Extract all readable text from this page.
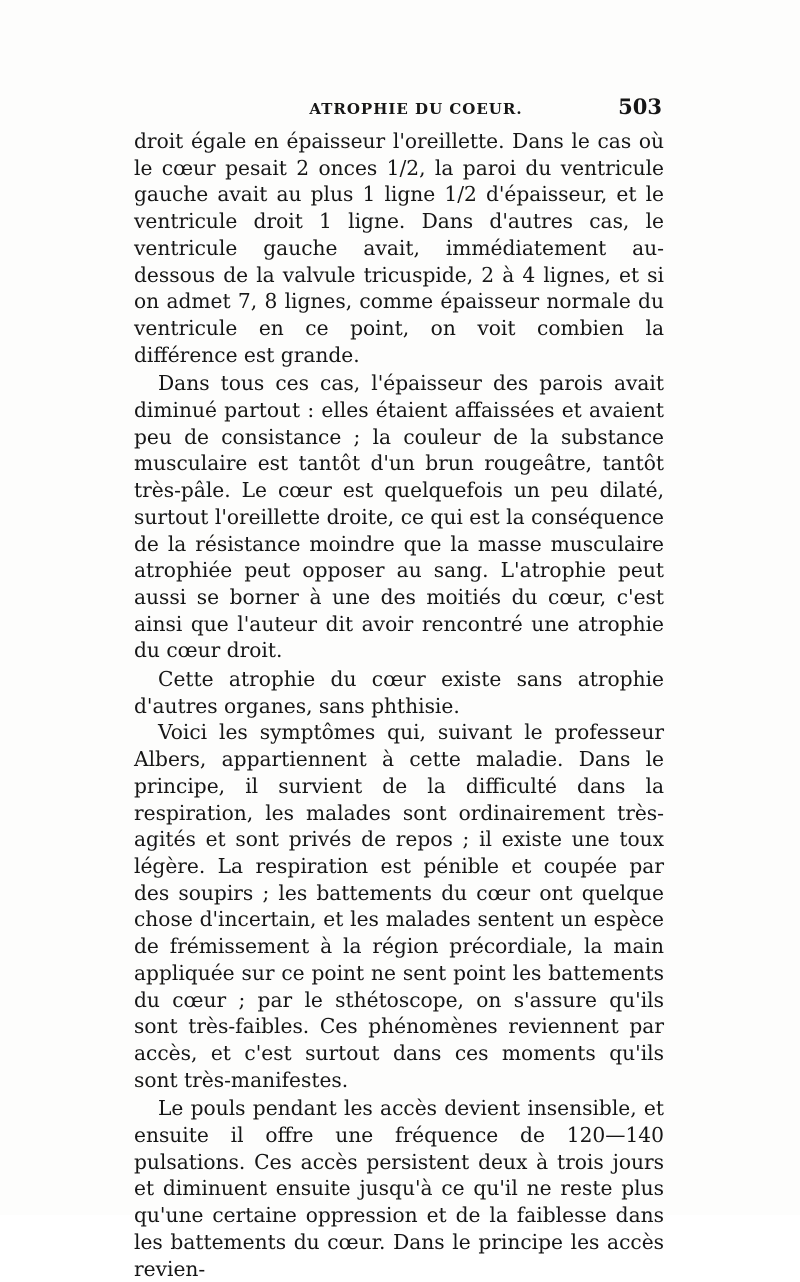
ATROPHIE DU COEUR.	503

droit égale en épaisseur l'oreillette. Dans le cas où le cœur pesait 2 onces 1/2, la paroi du ventricule gauche avait au plus 1 ligne 1/2 d'épaisseur, et le ventricule droit 1 ligne. Dans d'autres cas, le ventricule gauche avait, immédiatement au-dessous de la valvule tricuspide, 2 à 4 lignes, et si on admet 7, 8 lignes, comme épaisseur normale du ventricule en ce point, on voit combien la différence est grande.

Dans tous ces cas, l'épaisseur des parois avait diminué partout : elles étaient affaissées et avaient peu de consistance ; la couleur de la substance musculaire est tantôt d'un brun rougeâtre, tantôt très-pâle. Le cœur est quelquefois un peu dilaté, surtout l'oreillette droite, ce qui est la conséquence de la résistance moindre que la masse musculaire atrophiée peut opposer au sang. L'atrophie peut aussi se borner à une des moitiés du cœur, c'est ainsi que l'auteur dit avoir rencontré une atrophie du cœur droit.

Cette atrophie du cœur existe sans atrophie d'autres organes, sans phthisie.

Voici les symptômes qui, suivant le professeur Albers, appartiennent à cette maladie. Dans le principe, il survient de la difficulté dans la respiration, les malades sont ordinairement très-agités et sont privés de repos ; il existe une toux légère. La respiration est pénible et coupée par des soupirs ; les battements du cœur ont quelque chose d'incertain, et les malades sentent un espèce de frémissement à la région précordiale, la main appliquée sur ce point ne sent point les battements du cœur ; par le sthétoscope, on s'assure qu'ils sont très-faibles. Ces phénomènes reviennent par accès, et c'est surtout dans ces moments qu'ils sont très-manifestes.

Le pouls pendant les accès devient insensible, et ensuite il offre une fréquence de 120—140 pulsations. Ces accès persistent deux à trois jours et diminuent ensuite jusqu'à ce qu'il ne reste plus qu'une certaine oppression et de la faiblesse dans les battements du cœur. Dans le principe les accès revien-
